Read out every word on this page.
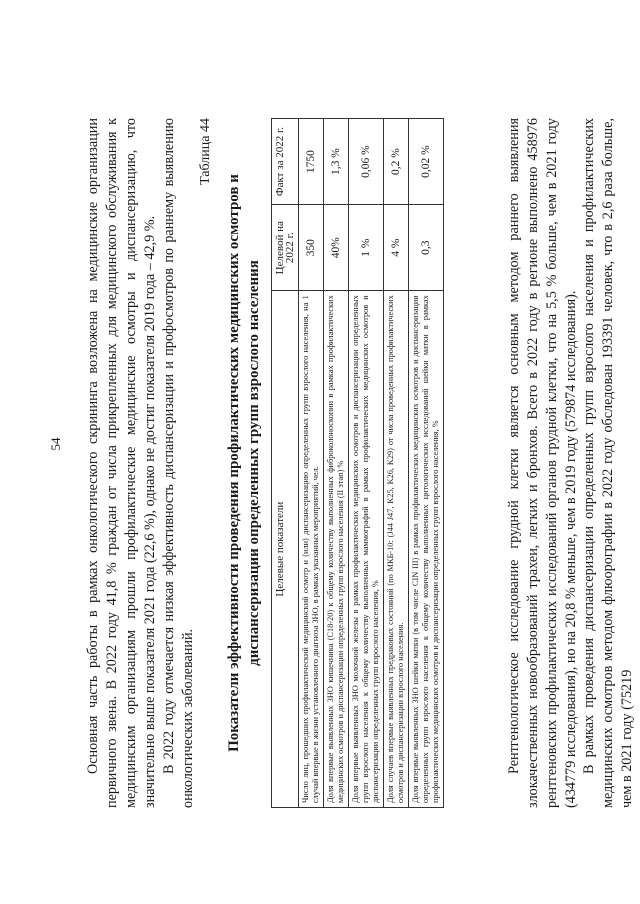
54 Основная часть работы в рамках онкологического скрининга возложена на медицинские организации первичного звена. В 2022 году 41,8 % граждан от числа прикрепленных для медицинского обслуживания к медицинским организациям прошли профилактические медицинские осмотры и диспансеризацию, что значительно выше показателя 2021 года (22,6 %), однако не достиг показателя 2019 года – 42,9 %. В 2022 году отмечается низкая эффективность диспансеризации и профосмотров по раннему выявлению онкологических заболеваний.

Таблица 44

Показатели эффективности проведения профилактических медицинских осмотров и диспансеризации определенных групп взрослого населения Целевые показатели	Целевой на 2022 г.	Факт за 2022 г.
Число лиц, прошедших профилактический медицинский осмотр и (или) диспансеризацию определенных групп взрослого населения, на 1 случай впервые в жизни установленного диагноза ЗНО, в рамках указанных мероприятий, чел.	350	1750
Доля впервые выявленных ЗНО кишечника (С18-20) к общему количеству выполненных фиброколоноскопии в рамках профилактических медицинских осмотров и диспансеризации определенных групп взрослого населения (II этап) %	40%	1,3 %
Доля впервые выявленных ЗНО молочной железы в рамках профилактических медицинских осмотров и диспансеризации определенных групп взрослого населения к общему количеству выполненных маммографий в рамках профилактических медицинских осмотров и диспансеризации определенных групп взрослого населения, %	1 %	0,06 %
Доля случаев впервые выявленных предраковых состояний (по МКБ-10: (J44 J47, K25, K26, K29) от числа проведенных профилактических осмотров и диспансеризации взрослого населения.	4 %	0,2 %
Доля впервые выявленных ЗНО шейки матки (в том числе CIN III) в рамках профилактических медицинских осмотров и диспансеризации определенных групп взрослого населения к общему количеству выполненных цитологических исследований шейки матки в рамках профилактических медицинских осмотров и диспансеризации определенных групп взрослого населения, %	0,3	0,02 %	Рентгенологическое исследование грудной клетки является основным методом раннего выявления злокачественных новообразований трахеи, легких и бронхов. Всего в 2022 году в регионе выполнено 458976 рентгеновских профилактических исследований органов грудной клетки, что на 5,5 % больше, чем в 2021 году (434779 исследования), но на 20,8 % меньше, чем в 2019 году (579874 исследования). В рамках проведения диспансеризации определенных групп взрослого населения и профилактических медицинских осмотров методом флюорографии в 2022 году обследован 193391 человек, что в 2,6 раза больше, чем в 2021 году (75219
